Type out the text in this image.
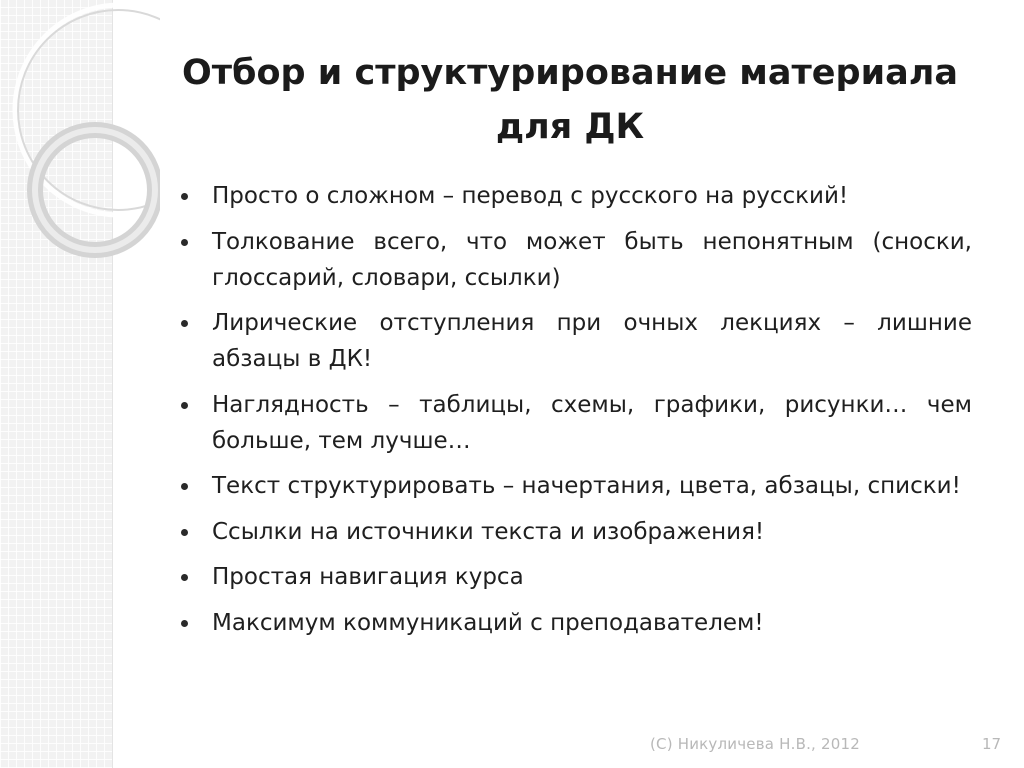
Отбор и структурирование материала для ДК
Просто о сложном – перевод с русского на русский!
Толкование всего, что может быть непонятным (сноски, глоссарий, словари, ссылки)
Лирические отступления при очных лекциях – лишние абзацы в ДК!
Наглядность – таблицы, схемы, графики, рисунки… чем больше, тем лучше…
Текст структурировать – начертания, цвета, абзацы, списки!
Ссылки на источники текста и изображения!
Простая навигация курса
Максимум коммуникаций с преподавателем!
(С) Никуличева Н.В., 2012	17
